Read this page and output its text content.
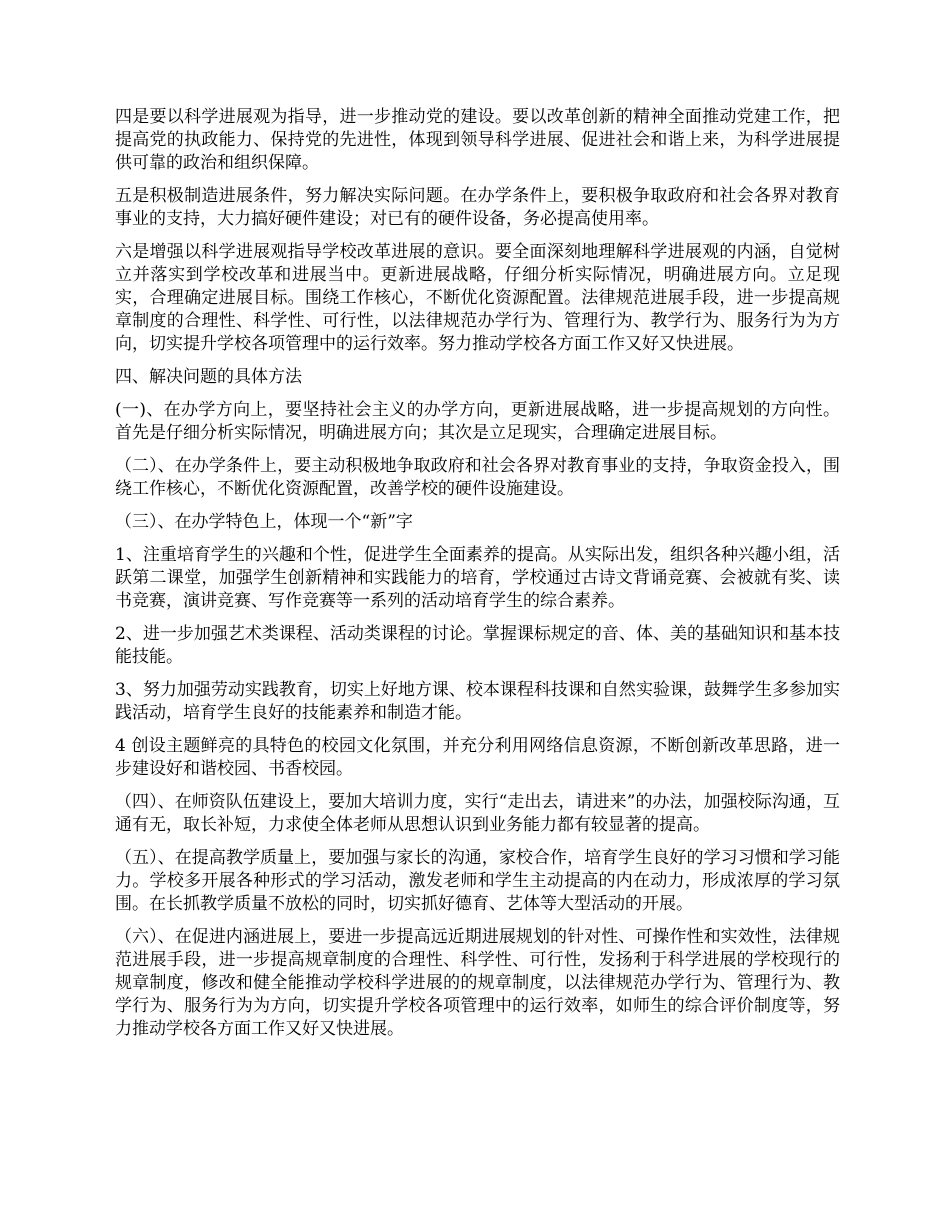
四是要以科学进展观为指导，进一步推动党的建设。要以改革创新的精神全面推动党建工作，把提高党的执政能力、保持党的先进性，体现到领导科学进展、促进社会和谐上来，为科学进展提供可靠的政治和组织保障。

五是积极制造进展条件，努力解决实际问题。在办学条件上，要积极争取政府和社会各界对教育事业的支持，大力搞好硬件建设；对已有的硬件设备，务必提高使用率。

六是增强以科学进展观指导学校改革进展的意识。要全面深刻地理解科学进展观的内涵，自觉树立并落实到学校改革和进展当中。更新进展战略，仔细分析实际情况，明确进展方向。立足现实，合理确定进展目标。围绕工作核心，不断优化资源配置。法律规范进展手段，进一步提高规章制度的合理性、科学性、可行性，以法律规范办学行为、管理行为、教学行为、服务行为为方向，切实提升学校各项管理中的运行效率。努力推动学校各方面工作又好又快进展。

四、解决问题的具体方法

(一)、在办学方向上，要坚持社会主义的办学方向，更新进展战略，进一步提高规划的方向性。首先是仔细分析实际情况，明确进展方向；其次是立足现实，合理确定进展目标。

（二）、在办学条件上，要主动积极地争取政府和社会各界对教育事业的支持，争取资金投入，围绕工作核心，不断优化资源配置，改善学校的硬件设施建设。

（三）、在办学特色上，体现一个“新”字

1、注重培育学生的兴趣和个性，促进学生全面素养的提高。从实际出发，组织各种兴趣小组，活跃第二课堂，加强学生创新精神和实践能力的培育，学校通过古诗文背诵竞赛、会被就有奖、读书竞赛，演讲竞赛、写作竞赛等一系列的活动培育学生的综合素养。

2、进一步加强艺术类课程、活动类课程的讨论。掌握课标规定的音、体、美的基础知识和基本技能技能。

3、努力加强劳动实践教育，切实上好地方课、校本课程科技课和自然实验课，鼓舞学生多参加实践活动，培育学生良好的技能素养和制造才能。

4 创设主题鲜亮的具特色的校园文化氛围，并充分利用网络信息资源，不断创新改革思路，进一步建设好和谐校园、书香校园。

（四）、在师资队伍建设上，要加大培训力度，实行“走出去，请进来”的办法，加强校际沟通，互通有无，取长补短，力求使全体老师从思想认识到业务能力都有较显著的提高。

（五）、在提高教学质量上，要加强与家长的沟通，家校合作，培育学生良好的学习习惯和学习能力。学校多开展各种形式的学习活动，激发老师和学生主动提高的内在动力，形成浓厚的学习氛围。在长抓教学质量不放松的同时，切实抓好德育、艺体等大型活动的开展。

（六）、在促进内涵进展上，要进一步提高远近期进展规划的针对性、可操作性和实效性，法律规范进展手段，进一步提高规章制度的合理性、科学性、可行性，发扬利于科学进展的学校现行的规章制度，修改和健全能推动学校科学进展的的规章制度，以法律规范办学行为、管理行为、教学行为、服务行为为方向，切实提升学校各项管理中的运行效率，如师生的综合评价制度等，努力推动学校各方面工作又好又快进展。
